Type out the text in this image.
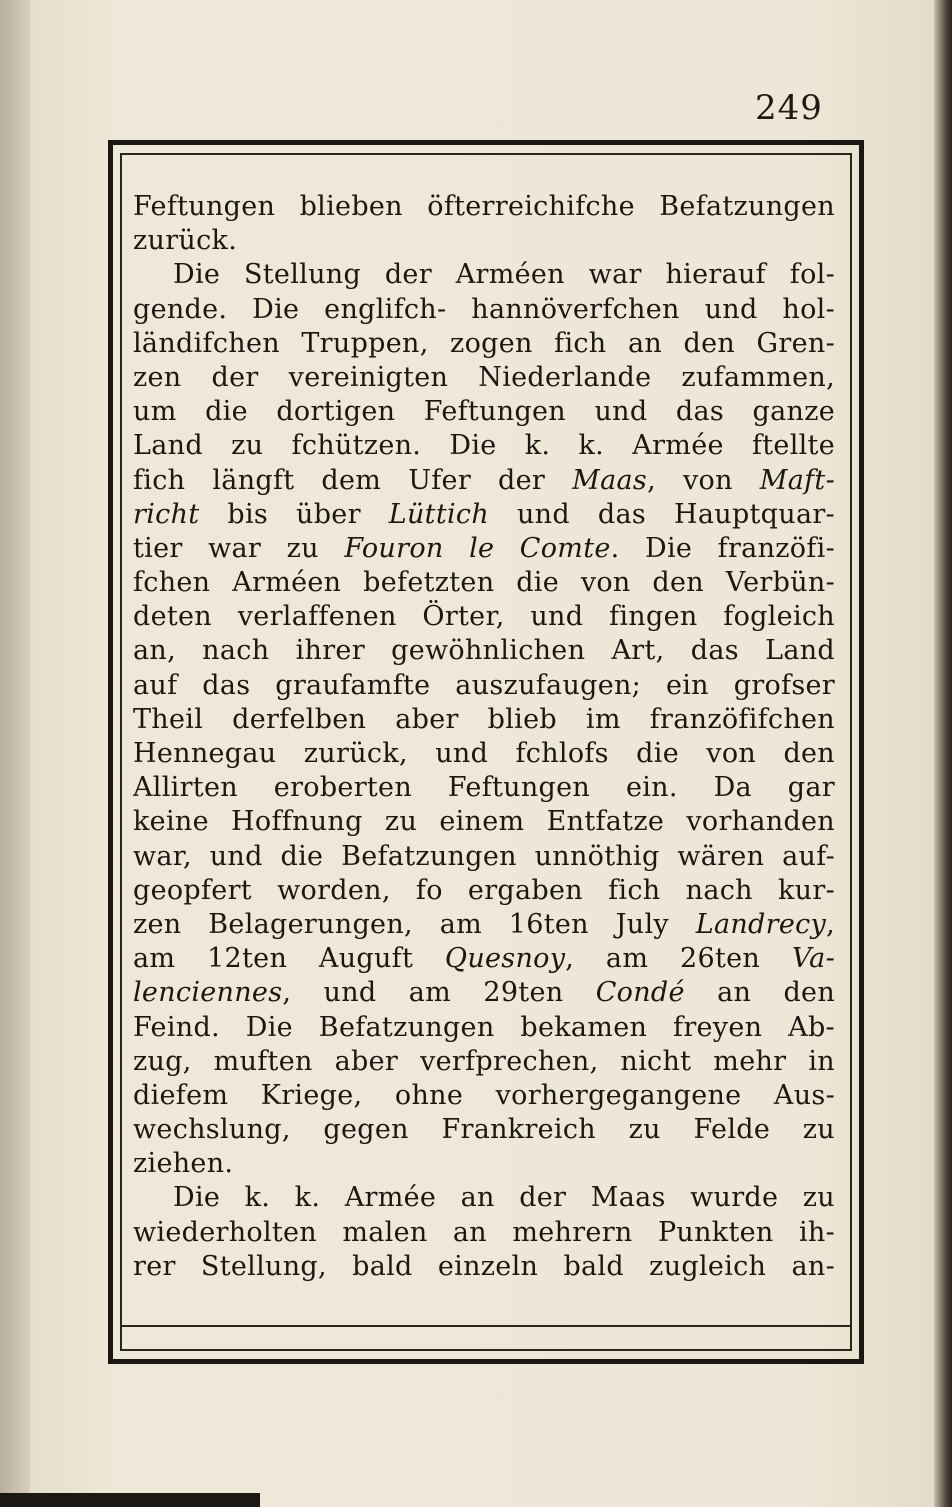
249
Feftungen blieben öfterreichifche Befatzungen
zurück.
Die Stellung der Arméen war hierauf fol-
gende. Die englifch- hannöverfchen und hol-
ländifchen Truppen, zogen fich an den Gren-
zen der vereinigten Niederlande zufammen,
um die dortigen Feftungen und das ganze
Land zu fchützen. Die k. k. Armée ftellte
fich längft dem Ufer der Maas, von Maft-
richt bis über Lüttich und das Hauptquar-
tier war zu Fouron le Comte. Die franzöfi-
fchen Arméen befetzten die von den Verbün-
deten verlaffenen Örter, und fingen fogleich
an, nach ihrer gewöhnlichen Art, das Land
auf das graufamfte auszufaugen; ein grofser
Theil derfelben aber blieb im franzöfifchen
Hennegau zurück, und fchlofs die von den
Allirten eroberten Feftungen ein. Da gar
keine Hoffnung zu einem Entfatze vorhanden
war, und die Befatzungen unnöthig wären auf-
geopfert worden, fo ergaben fich nach kur-
zen Belagerungen, am 16ten July Landrecy,
am 12ten Auguft Quesnoy, am 26ten Va-
lenciennes, und am 29ten Condé an den
Feind. Die Befatzungen bekamen freyen Ab-
zug, muften aber verfprechen, nicht mehr in
diefem Kriege, ohne vorhergegangene Aus-
wechslung, gegen Frankreich zu Felde zu
ziehen.
Die k. k. Armée an der Maas wurde zu
wiederholten malen an mehrern Punkten ih-
rer Stellung, bald einzeln bald zugleich an-
